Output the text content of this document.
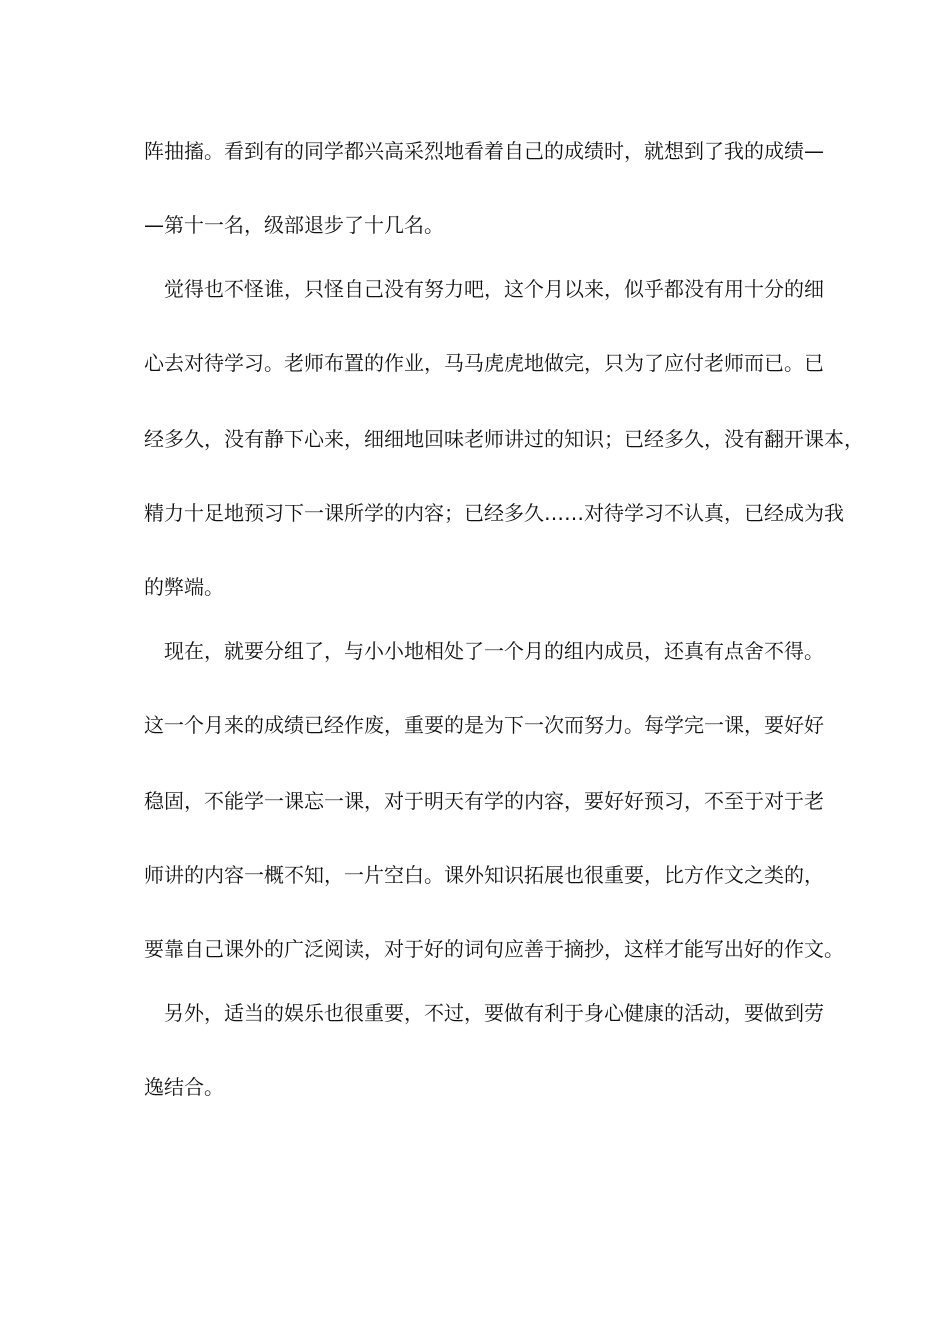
阵抽搐。看到有的同学都兴高采烈地看着自己的成绩时，就想到了我的成绩—
—第十一名，级部退步了十几名。
觉得也不怪谁，只怪自己没有努力吧，这个月以来，似乎都没有用十分的细
心去对待学习。老师布置的作业，马马虎虎地做完，只为了应付老师而已。已
经多久，没有静下心来，细细地回味老师讲过的知识；已经多久，没有翻开课本，
精力十足地预习下一课所学的内容；已经多久……对待学习不认真，已经成为我
的弊端。
现在，就要分组了，与小小地相处了一个月的组内成员，还真有点舍不得。
这一个月来的成绩已经作废，重要的是为下一次而努力。每学完一课，要好好
稳固，不能学一课忘一课，对于明天有学的内容，要好好预习，不至于对于老
师讲的内容一概不知，一片空白。课外知识拓展也很重要，比方作文之类的，
要靠自己课外的广泛阅读，对于好的词句应善于摘抄，这样才能写出好的作文。
另外，适当的娱乐也很重要，不过，要做有利于身心健康的活动，要做到劳
逸结合。
